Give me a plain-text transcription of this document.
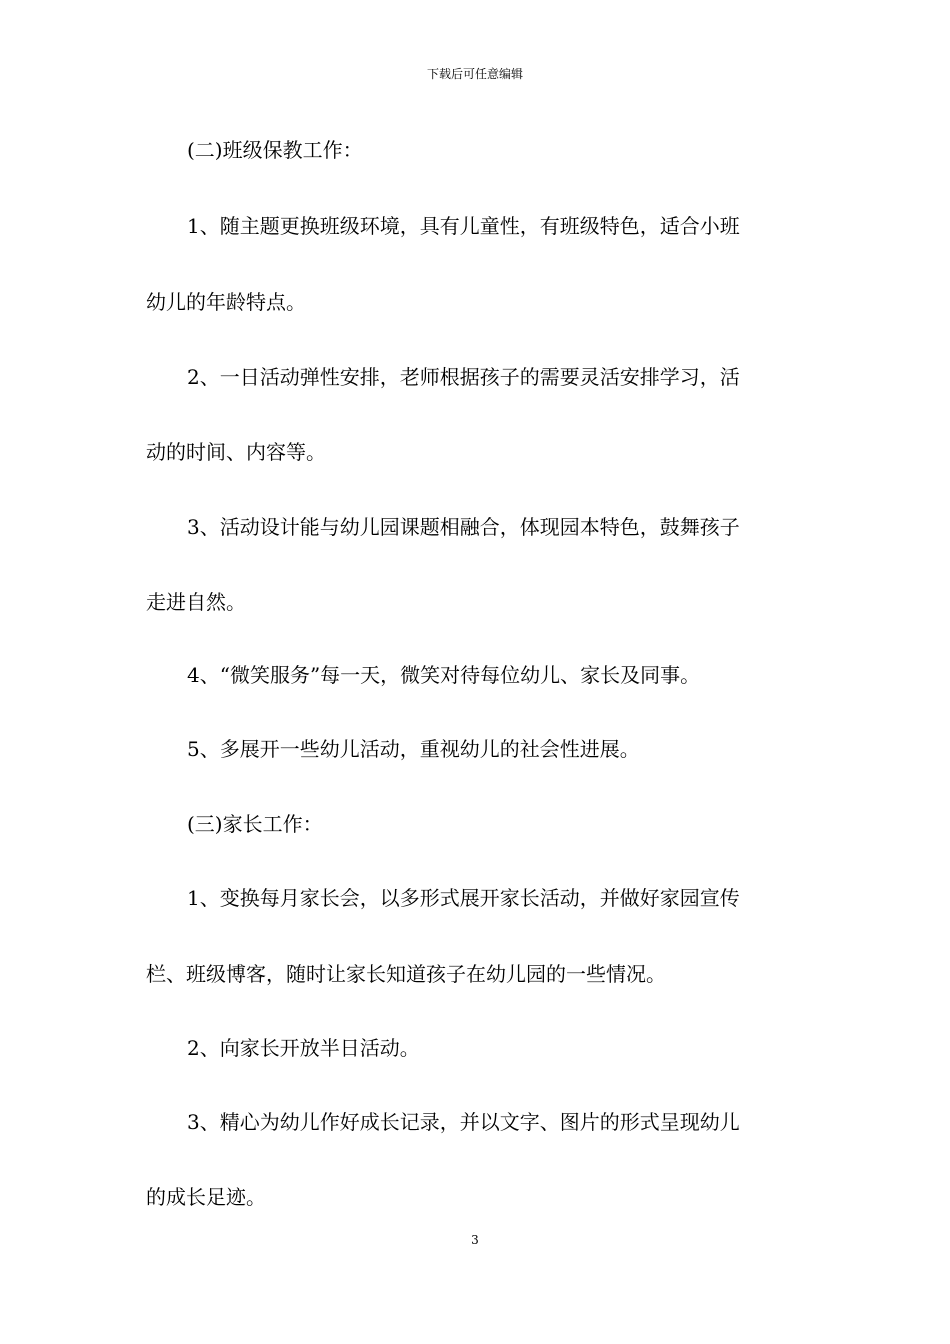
下载后可任意编辑
(二)班级保教工作：
1、随主题更换班级环境，具有儿童性，有班级特色，适合小班
幼儿的年龄特点。
2、一日活动弹性安排，老师根据孩子的需要灵活安排学习，活
动的时间、内容等。
3、活动设计能与幼儿园课题相融合，体现园本特色，鼓舞孩子
走进自然。
4、“微笑服务”每一天，微笑对待每位幼儿、家长及同事。
5、多展开一些幼儿活动，重视幼儿的社会性进展。
(三)家长工作：
1、变换每月家长会，以多形式展开家长活动，并做好家园宣传
栏、班级博客，随时让家长知道孩子在幼儿园的一些情况。
2、向家长开放半日活动。
3、精心为幼儿作好成长记录，并以文字、图片的形式呈现幼儿
的成长足迹。
3
